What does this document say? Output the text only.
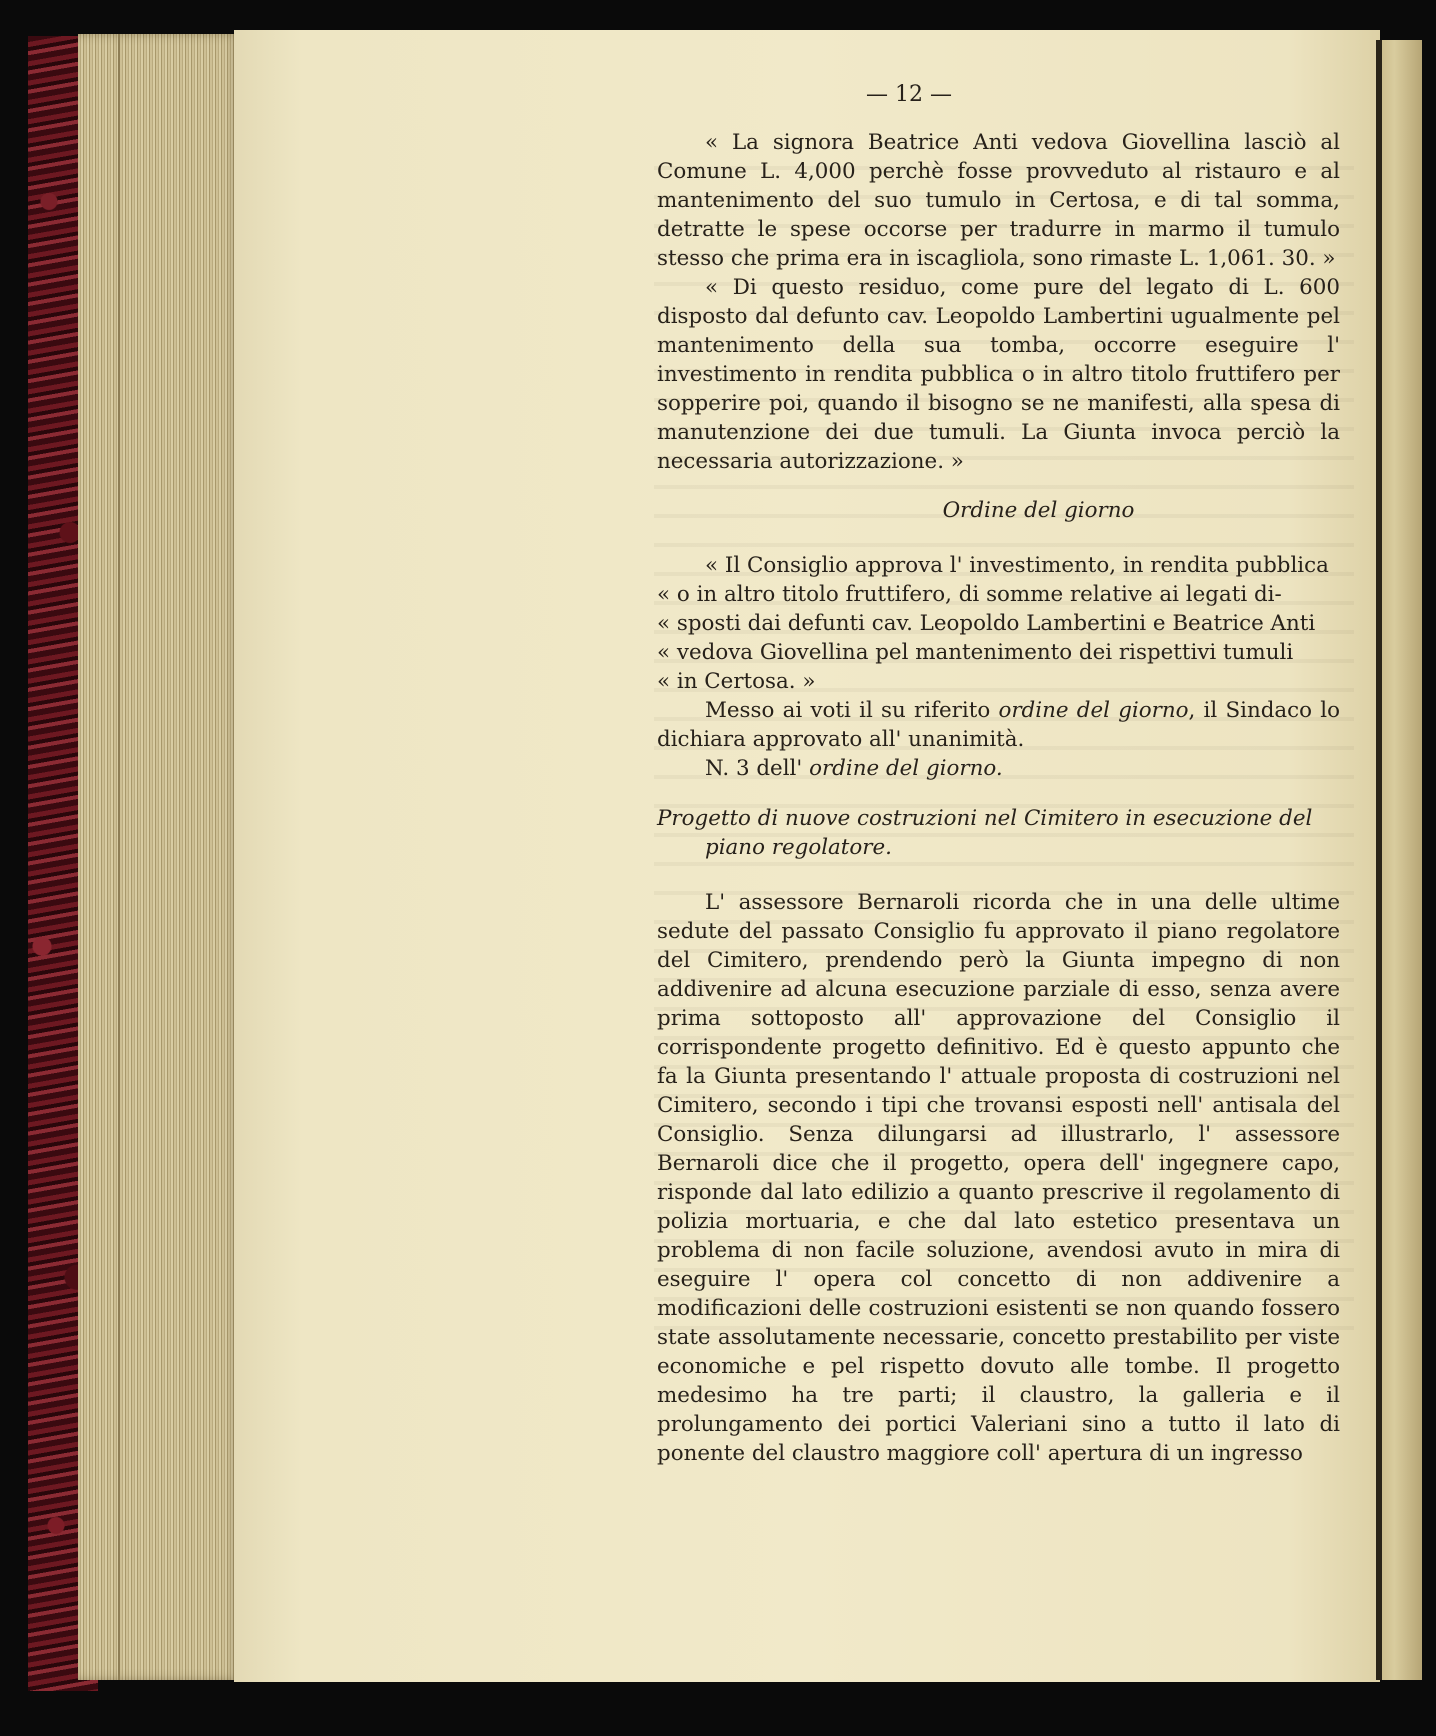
— 12 —

« La signora Beatrice Anti vedova Giovellina lasciò al Comune L. 4,000 perchè fosse provveduto al ristauro e al mantenimento del suo tumulo in Certosa, e di tal somma, detratte le spese occorse per tradurre in marmo il tumulo stesso che prima era in iscagliola, sono rimaste L. 1,061. 30. »

« Di questo residuo, come pure del legato di L. 600 disposto dal defunto cav. Leopoldo Lambertini ugualmente pel mantenimento della sua tomba, occorre eseguire l' investimento in rendita pubblica o in altro titolo fruttifero per sopperire poi, quando il bisogno se ne manifesti, alla spesa di manutenzione dei due tumuli. La Giunta invoca perciò la necessaria autorizzazione. »

Ordine del giorno

« Il Consiglio approva l' investimento, in rendita pubblica

« o in altro titolo fruttifero, di somme relative ai legati di-

« sposti dai defunti cav. Leopoldo Lambertini e Beatrice Anti

« vedova Giovellina pel mantenimento dei rispettivi tumuli

« in Certosa. »

Messo ai voti il su riferito ordine del giorno, il Sindaco lo dichiara approvato all' unanimità.

N. 3 dell' ordine del giorno.

Progetto di nuove costruzioni nel Cimitero in esecuzione del piano regolatore.

L' assessore Bernaroli ricorda che in una delle ultime sedute del passato Consiglio fu approvato il piano regolatore del Cimitero, prendendo però la Giunta impegno di non addivenire ad alcuna esecuzione parziale di esso, senza avere prima sottoposto all' approvazione del Consiglio il corrispondente progetto definitivo. Ed è questo appunto che fa la Giunta presentando l' attuale proposta di costruzioni nel Cimitero, secondo i tipi che trovansi esposti nell' antisala del Consiglio. Senza dilungarsi ad illustrarlo, l' assessore Bernaroli dice che il progetto, opera dell' ingegnere capo, risponde dal lato edilizio a quanto prescrive il regolamento di polizia mortuaria, e che dal lato estetico presentava un problema di non facile soluzione, avendosi avuto in mira di eseguire l' opera col concetto di non addivenire a modificazioni delle costruzioni esistenti se non quando fossero state assolutamente necessarie, concetto prestabilito per viste economiche e pel rispetto dovuto alle tombe. Il progetto medesimo ha tre parti; il claustro, la galleria e il prolungamento dei portici Valeriani sino a tutto il lato di ponente del claustro maggiore coll' apertura di un ingresso
